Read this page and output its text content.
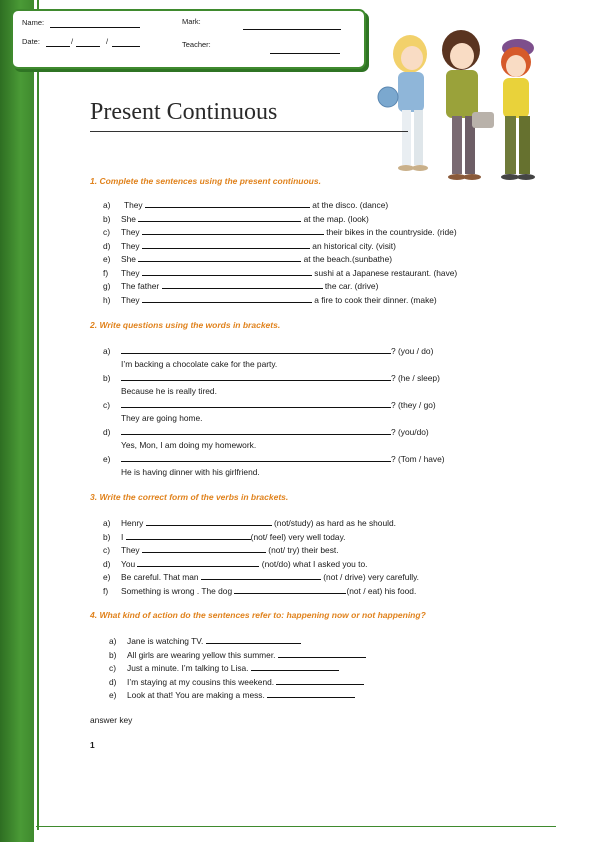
Name:
Date:	/	/
Mark:
Teacher:
Present Continuous
1. Complete the sentences using the present continuous.
a) They	at the disco. (dance)
b) She	at the map. (look)
c) They	their bikes in the countryside. (ride)
d) They	an historical city. (visit)
e) She	at the beach.(sunbathe)
f) They	sushi at a Japanese restaurant. (have)
g) The father	the car. (drive)
h) They	a fire to cook their dinner. (make)
2. Write questions using the words in brackets.
a)	? (you / do)
I’m backing a chocolate cake for the party.
b)	? (he / sleep)
Because he is really tired.
c)	? (they / go)
They are going home.
d)	? (you/do)
Yes, Mon, I am doing my homework.
e)	? (Tom / have)
He is having dinner with his girlfriend.
3. Write the correct form of the verbs in brackets.
a) Henry	(not/study) as hard as he should.
b) I	(not/ feel) very well today.
c) They	(not/ try) their best.
d) You	(not/do) what I asked you to.
e) Be careful. That man	(not / drive) very carefully.
f) Something is wrong . The dog	(not / eat) his food.
4. What kind of action do the sentences refer to: happening now or not happening?
a) Jane is watching TV.
b) All girls are wearing yellow this summer.
c) Just a minute. I’m talking to Lisa.
d) I’m staying at my cousins this weekend.
e) Look at that! You are making a mess.
answer key
1
